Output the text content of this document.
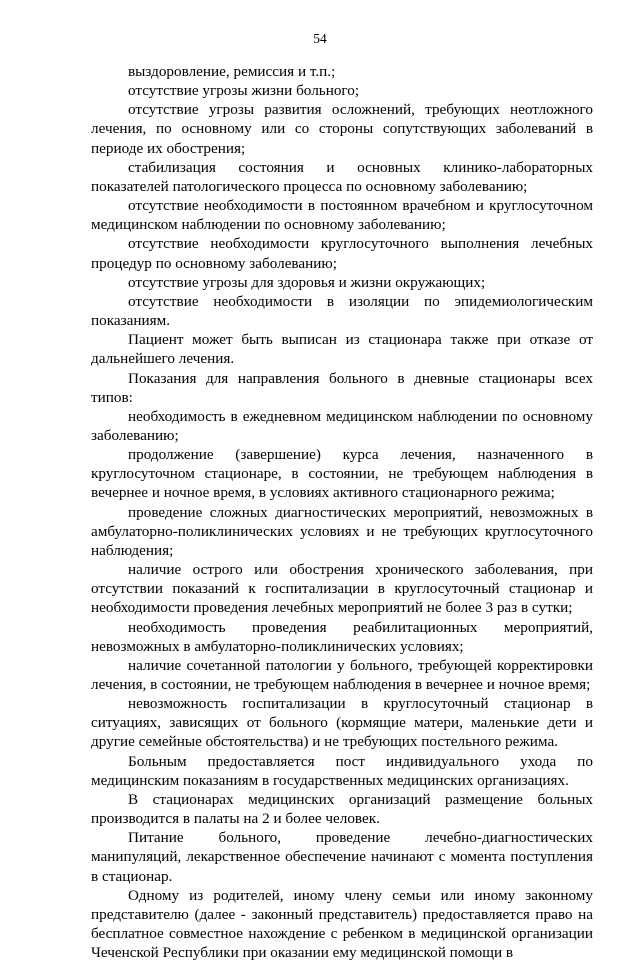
54

выздоровление, ремиссия и т.п.;

отсутствие угрозы жизни больного;

отсутствие угрозы развития осложнений, требующих неотложного лечения, по основному или со стороны сопутствующих заболеваний в периоде их обострения;

стабилизация состояния и основных клинико-лабораторных показателей патологического процесса по основному заболеванию;

отсутствие необходимости в постоянном врачебном и круглосуточном медицинском наблюдении по основному заболеванию;

отсутствие необходимости круглосуточного выполнения лечебных процедур по основному заболеванию;

отсутствие угрозы для здоровья и жизни окружающих;

отсутствие необходимости в изоляции по эпидемиологическим показаниям.

Пациент может быть выписан из стационара также при отказе от дальнейшего лечения.

Показания для направления больного в дневные стационары всех типов:

необходимость в ежедневном медицинском наблюдении по основному заболеванию;

продолжение (завершение) курса лечения, назначенного в круглосуточном стационаре, в состоянии, не требующем наблюдения в вечернее и ночное время, в условиях активного стационарного режима;

проведение сложных диагностических мероприятий, невозможных в амбулаторно-поликлинических условиях и не требующих круглосуточного наблюдения;

наличие острого или обострения хронического заболевания, при отсутствии показаний к госпитализации в круглосуточный стационар и необходимости проведения лечебных мероприятий не более 3 раз в сутки;

необходимость проведения реабилитационных мероприятий, невозможных в амбулаторно-поликлинических условиях;

наличие сочетанной патологии у больного, требующей корректировки лечения, в состоянии, не требующем наблюдения в вечернее и ночное время;

невозможность госпитализации в круглосуточный стационар в ситуациях, зависящих от больного (кормящие матери, маленькие дети и другие семейные обстоятельства) и не требующих постельного режима.

Больным предоставляется пост индивидуального ухода по медицинским показаниям в государственных медицинских организациях.

В стационарах медицинских организаций размещение больных производится в палаты на 2 и более человек.

Питание больного, проведение лечебно-диагностических манипуляций, лекарственное обеспечение начинают с момента поступления в стационар.

Одному из родителей, иному члену семьи или иному законному представителю (далее - законный представитель) предоставляется право на бесплатное совместное нахождение с ребенком в медицинской организации Чеченской Республики при оказании ему медицинской помощи в
